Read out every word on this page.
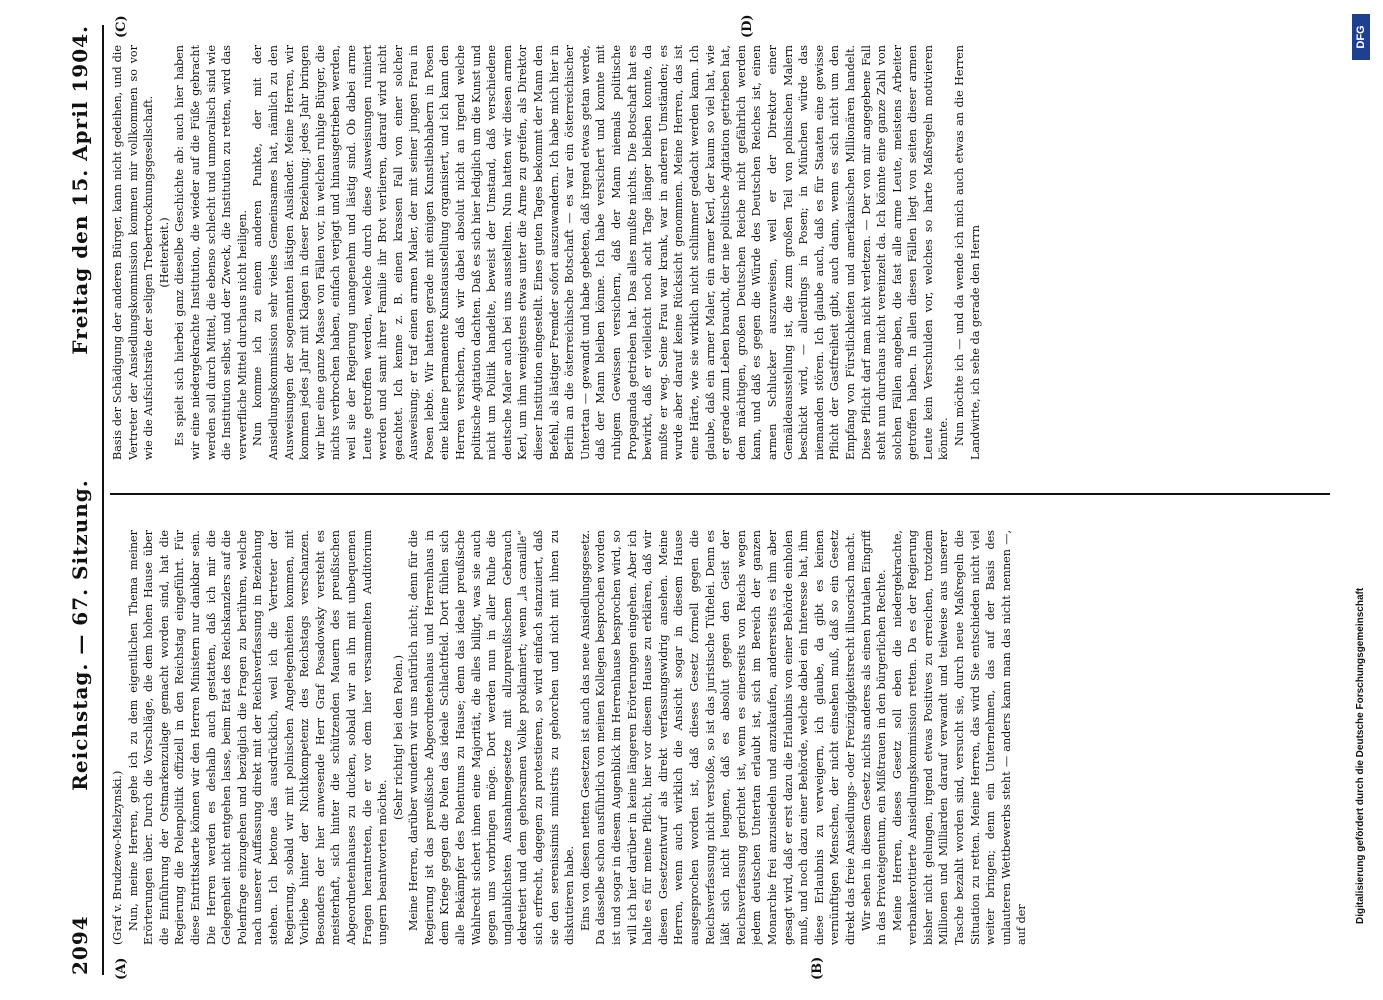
2094
Reichstag. — 67. Sitzung.
Freitag den 15. April 1904.
(A)	(B)
(C)	(D)

(Graf v. Brudzewo-Mielzynski.) Nun, meine Herren, gehe ich zu dem eigentlichen Thema meiner Erörterungen über. Durch die Vorschläge, die dem hohen Hause über die Einführung der Ostmarkenzulage gemacht worden sind, hat die Regierung die Polenpolitik offiziell in den Reichstag eingeführt. Für diese Entrittskarte können wir den Herren Ministern nur dankbar sein. Die Herren werden es deshalb auch gestatten, daß ich mir die Gelegenheit nicht entgehen lasse, beim Etat des Reichskanzlers auf die Polenfrage einzugehen und bezüglich die Fragen zu berühren, welche nach unserer Auffassung direkt mit der Reichsverfassung in Beziehung stehen. Ich betone das ausdrücklich, weil ich die Vertreter der Regierung, sobald wir mit polnischen Angelegenheiten kommen, mit Vorliebe hinter der Nichtkompetenz des Reichstags verschanzen. Besonders der hier anwesende Herr Graf Posadowsky versteht es meisterhaft, sich hinter die schützenden Mauern des preußischen Abgeordnetenhauses zu ducken, sobald wir an ihn mit unbequemen Fragen herantreten, die er vor dem hier versammelten Auditorium ungern beantworten möchte.

(Sehr richtig! bei den Polen.) Meine Herren, darüber wundern wir uns natürlich nicht; denn für die Regierung ist das preußische Abgeordnetenhaus und Herrenhaus in dem Kriege gegen die Polen das ideale Schlachtfeld. Dort fühlen sich alle Bekämpfer des Polentums zu Hause; denn das ideale preußische Wahlrecht sichert ihnen eine Majorität, die alles billigt, was sie auch gegen uns vorbringen möge. Dort werden nun in aller Ruhe die unglaublichsten Ausnahmegesetze mit allzupreußischem Gebrauch dekretiert und dem gehorsamen Volke proklamiert; wenn „la canaille“ sich erfrecht, dagegen zu protestieren, so wird einfach stanzuiert, daß sie den serenissimis ministris zu gehorchen und nicht mit ihnen zu diskutieren habe. Eins von diesen netten Gesetzen ist auch das neue Ansiedlungsgesetz. Da dasselbe schon ausführlich von meinen Kollegen besprochen worden ist und sogar in diesem Augenblick im Herrenhause besprochen wird, so will ich hier darüber in keine längeren Erörterungen eingehen. Aber ich halte es für meine Pflicht, hier vor diesem Hause zu erklären, daß wir diesen Gesetzentwurf als direkt verfassungswidrig ansehen. Meine Herren, wenn auch wirklich die Ansicht sogar in diesem Hause ausgesprochen worden ist, daß dieses Gesetz formell gegen die Reichsverfassung nicht verstoße, so ist das juristische Tüftelei. Denn es läßt sich nicht leugnen, daß es absolut gegen den Geist der Reichsverfassung gerichtet ist, wenn es einerseits von Reichs wegen jedem deutschen Untertan erlaubt ist, sich im Bereich der ganzen Monarchie frei anzusiedeln und anzukaufen, andererseits es ihm aber gesagt wird, daß er erst dazu die Erlaubnis von einer Behörde einholen muß, und noch dazu einer Behörde, welche dabei ein Interesse hat, ihm diese Erlaubnis zu verweigern, ich glaube, da gibt es keinen vernünftigen Menschen, der nicht einsehen muß, daß so ein Gesetz direkt das freie Ansiedlungs- oder Freizügigkeitsrecht illusorisch macht. Wir sehen in diesem Gesetz nichts anderes als einen brutalen Eingriff in das Privateigentum, ein Mißtrauen in den bürgerlichen Rechte. Meine Herren, dieses Gesetz soll eben die niedergekrachte, verbankerottierte Ansiedlungskommission retten. Da es der Regierung bisher nicht gelungen, irgend etwas Positives zu erreichen, trotzdem Millionen und Milliarden darauf verwandt und teilweise aus unserer Tasche bezahlt worden sind, versucht sie, durch neue Maßregeln die Situation zu retten. Meine Herren, das wird Sie entschieden nicht viel weiter bringen; denn ein Unternehmen, das auf der Basis des unlauteren Wettbewerbs steht — anders kann man das nicht nennen —, auf der

Basis der Schädigung der anderen Bürger, kann nicht gedeihen, und die Vertreter der Ansiedlungskommission kommen mir vollkommen so vor wie die Aufsichtsräte der seligen Trebertrocknungsgesellschaft. (Heiterkeit.) Es spielt sich hierbei ganz dieselbe Geschichte ab: auch hier haben wir eine niedergekrachte Institution, die wieder auf die Füße gebracht werden soll durch Mittel, die ebenso schlecht und unmoralisch sind wie die Institution selbst, und der Zweck, die Institution zu retten, wird das verwerfliche Mittel durchaus nicht heiligen. Nun komme ich zu einem anderen Punkte, der mit der Ansiedlungskommission sehr vieles Gemeinsames hat, nämlich zu den Ausweisungen der sogenannten lästigen Ausländer. Meine Herren, wir kommen jedes Jahr mit Klagen in dieser Beziehung; jedes Jahr bringen wir hier eine ganze Masse von Fällen vor, in welchen ruhige Bürger, die nichts verbrochen haben, einfach verjagt und hinausgetrieben werden, weil sie der Regierung unangenehm und lästig sind. Ob dabei arme Leute getroffen werden, welche durch diese Ausweisungen ruiniert werden und samt ihrer Familie ihr Brot verlieren, darauf wird nicht geachtet. Ich kenne z. B. einen krassen Fall von einer solcher Ausweisung; er traf einen armen Maler, der mit seiner jungen Frau in Posen lebte. Wir hatten gerade mit einigen Kunstliebhabern in Posen eine kleine permanente Kunstausstellung organisiert, und ich kann den Herren versichern, daß wir dabei absolut nicht an irgend welche politische Agitation dachten. Daß es sich hier lediglich um die Kunst und nicht um Politik handelte, beweist der Umstand, daß verschiedene deutsche Maler auch bei uns ausstellten. Nun hatten wir diesen armen Kerl, um ihm wenigstens etwas unter die Arme zu greifen, als Direktor dieser Institution eingestellt. Eines guten Tages bekommt der Mann den Befehl, als lästiger Fremder sofort auszuwandern. Ich habe mich hier in Berlin an die österreichische Botschaft — es war ein österreichischer Untertan — gewandt und habe gebeten, daß irgend etwas getan werde, daß der Mann bleiben könne. Ich habe versichert und konnte mit ruhigem Gewissen versichern, daß der Mann niemals politische Propaganda getrieben hat. Das alles mußte nichts. Die Botschaft hat es bewirkt, daß er vielleicht noch acht Tage länger bleiben konnte, da mußte er weg. Seine Frau war krank, war in anderen Umständen; es wurde aber darauf keine Rücksicht genommen. Meine Herren, das ist eine Härte, wie sie wirklich nicht schlimmer gedacht werden kann. Ich glaube, daß ein armer Maler, ein armer Kerl, der kaum so viel hat, wie er gerade zum Leben braucht, der nie politische Agitation getrieben hat, dem mächtigen, großen Deutschen Reiche nicht gefährlich werden kann, und daß es gegen die Würde des Deutschen Reiches ist, einen armen Schlucker auszuweisen, weil er der Direktor einer Gemäldeausstellung ist, die zum großen Teil von polnischen Malern beschickt wird, — allerdings in Posen; in München würde das niemanden stören. Ich glaube auch, daß es für Staaten eine gewisse Pflicht der Gastfreiheit gibt, auch dann, wenn es sich nicht um den Empfang von Fürstlichkeiten und amerikanischen Millionären handelt. Diese Pflicht darf man nicht verletzen. — Der von mir angegebene Fall steht nun durchaus nicht vereinzelt da. Ich könnte eine ganze Zahl von solchen Fällen angeben, die fast alle arme Leute, meistens Arbeiter getroffen haben. In allen diesen Fällen liegt von seiten dieser armen Leute kein Verschulden vor, welches so harte Maßregeln motivieren könnte. Nun möchte ich — und da wende ich mich auch etwas an die Herren Landwirte, ich sehe da gerade den Herrn

DFG
Digitalisierung gefördert durch die Deutsche Forschungsgemeinschaft
